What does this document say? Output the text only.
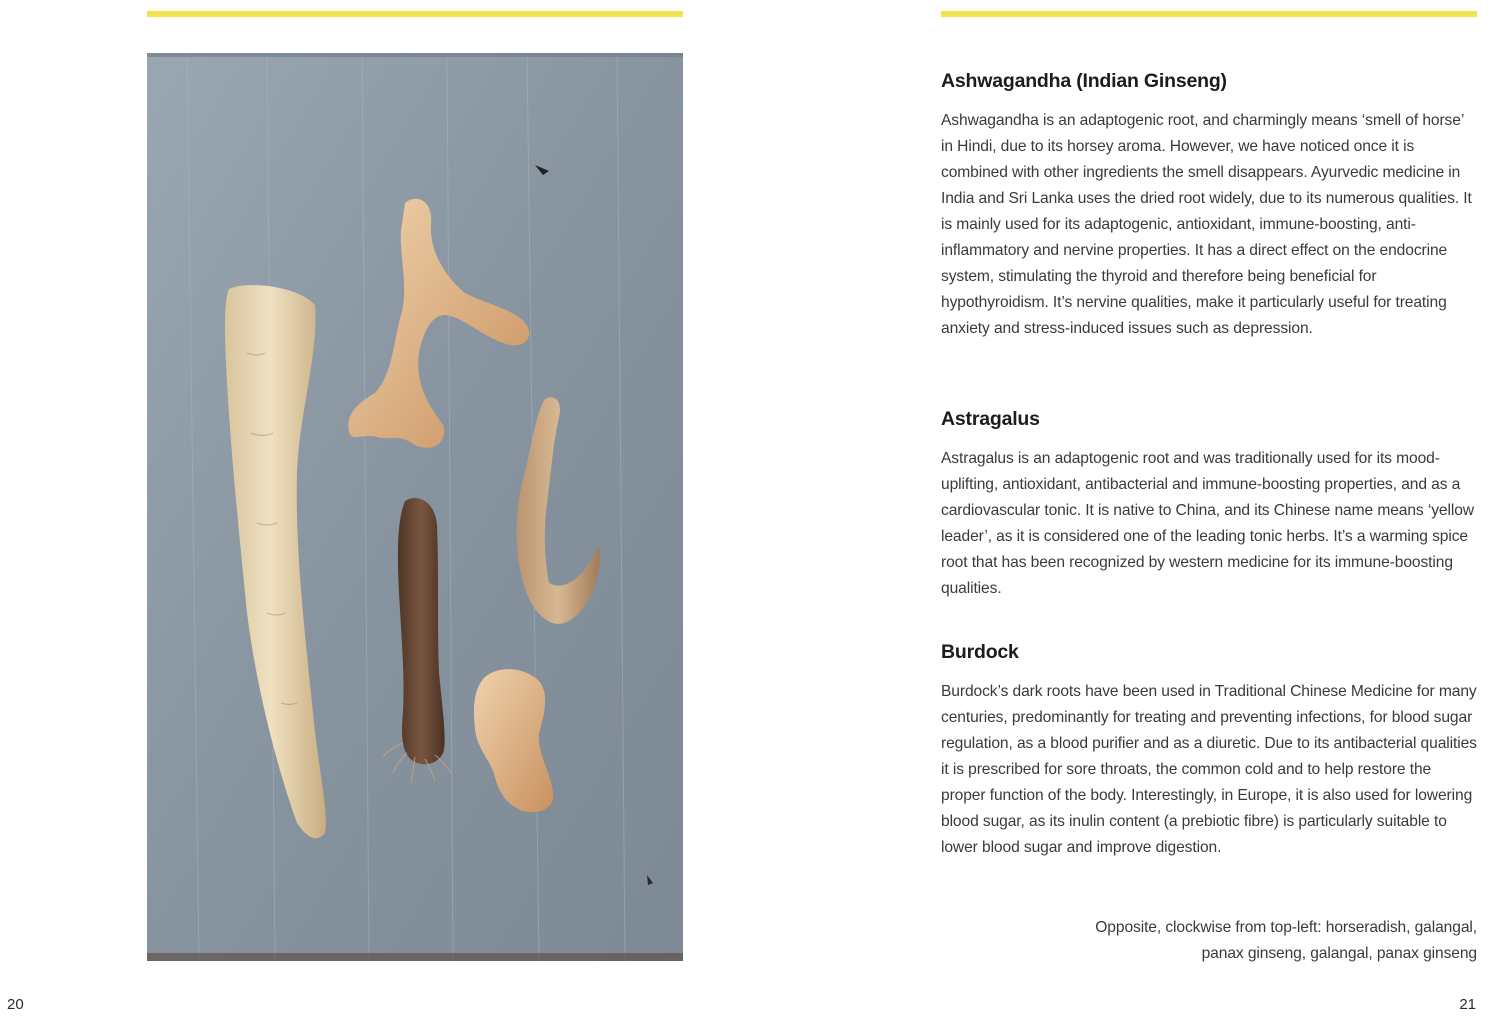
Ashwagandha (Indian Ginseng)

Ashwagandha is an adaptogenic root, and charmingly means ‘smell of horse’ in Hindi, due to its horsey aroma. However, we have noticed once it is combined with other ingredients the smell disappears. Ayurvedic medicine in India and Sri Lanka uses the dried root widely, due to its numerous qualities. It is mainly used for its adaptogenic, antioxidant, immune-boosting, anti-inflammatory and nervine properties. It has a direct effect on the endocrine system, stimulating the thyroid and therefore being beneficial for hypothyroidism. It’s nervine qualities, make it particularly useful for treating anxiety and stress-induced issues such as depression.

Astragalus

Astragalus is an adaptogenic root and was traditionally used for its mood-uplifting, antioxidant, antibacterial and immune-boosting properties, and as a cardiovascular tonic. It is native to China, and its Chinese name means ‘yellow leader’, as it is considered one of the leading tonic herbs. It’s a warming spice root that has been recognized by western medicine for its immune-boosting qualities.

Burdock

Burdock’s dark roots have been used in Traditional Chinese Medicine for many centuries, predominantly for treating and preventing infections, for blood sugar regulation, as a blood purifier and as a diuretic. Due to its antibacterial qualities it is prescribed for sore throats, the common cold and to help restore the proper function of the body. Interestingly, in Europe, it is also used for lowering blood sugar, as its inulin content (a prebiotic fibre) is particularly suitable to lower blood sugar and improve digestion.

Opposite, clockwise from top-left: horseradish, galangal,
panax ginseng, galangal, panax ginseng
20	21
